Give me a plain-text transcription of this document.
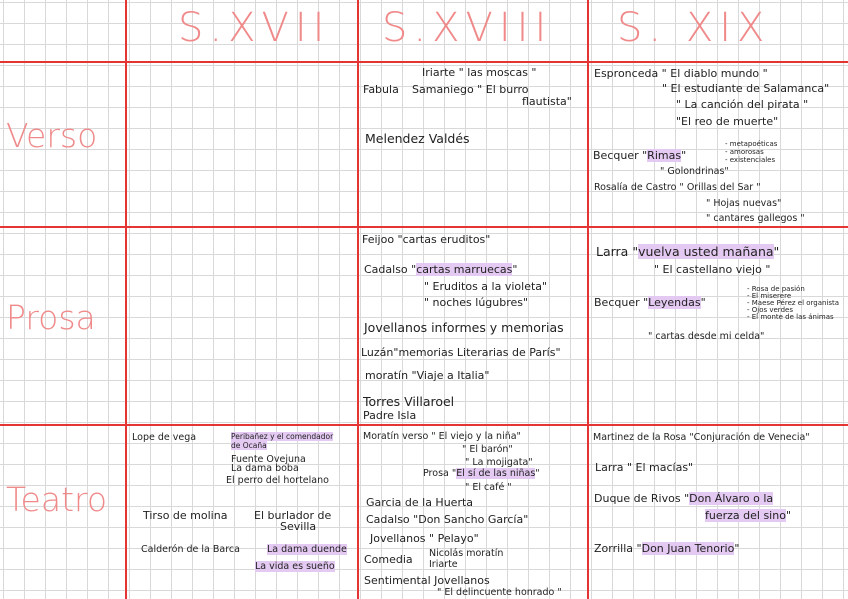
S.XVII S.XVIII S. XIX
Verso
Prosa
Teatro
Iriarte " las moscas "
Fabula Samaniego " El burro
flautista"
Melendez Valdés
Espronceda " El diablo mundo "
" El estudiante de Salamanca"
" La canción del pirata "
"El reo de muerte"
Becquer "Rimas"
- metapoéticas
- amorosas
- existenciales
" Golondrinas"
Rosalía de Castro " Orillas del Sar "
" Hojas nuevas"
" cantares gallegos "
Feijoo "cartas eruditos"
Cadalso "cartas marruecas"
" Eruditos a la violeta"
" noches lúgubres"
Jovellanos informes y memorias
Luzán"memorias Literarias de París"
moratín "Viaje a Italia"
Torres Villaroel
Padre Isla
Larra "vuelva usted mañana"
" El castellano viejo "
Becquer "Leyendas"
- Rosa de pasión
- El miserere
- Maese Pérez el organista
- Ojos verdes
- El monte de las ánimas
" cartas desde mi celda"
Lope de vega	Peribañez y el comendador
de Ocaña
Fuente Ovejuna
La dama boba
El perro del hortelano
Tirso de molina El burlador de
Sevilla
Calderón de la Barca	La dama duende
La vida es sueño
Moratín verso " El viejo y la niña"
" El barón"
" La mojigata"
Prosa "El sí de las niñas"
" El café "
Garcia de la Huerta
Cadalso "Don Sancho García"
Jovellanos " Pelayo"
Comedia Nicolás moratín
Iriarte
Sentimental Jovellanos
" El delincuente honrado "
Martinez de la Rosa "Conjuración de Venecia"
Larra " El macías"
Duque de Rivos "Don Álvaro o la
fuerza del sino"
Zorrilla "Don Juan Tenorio"
